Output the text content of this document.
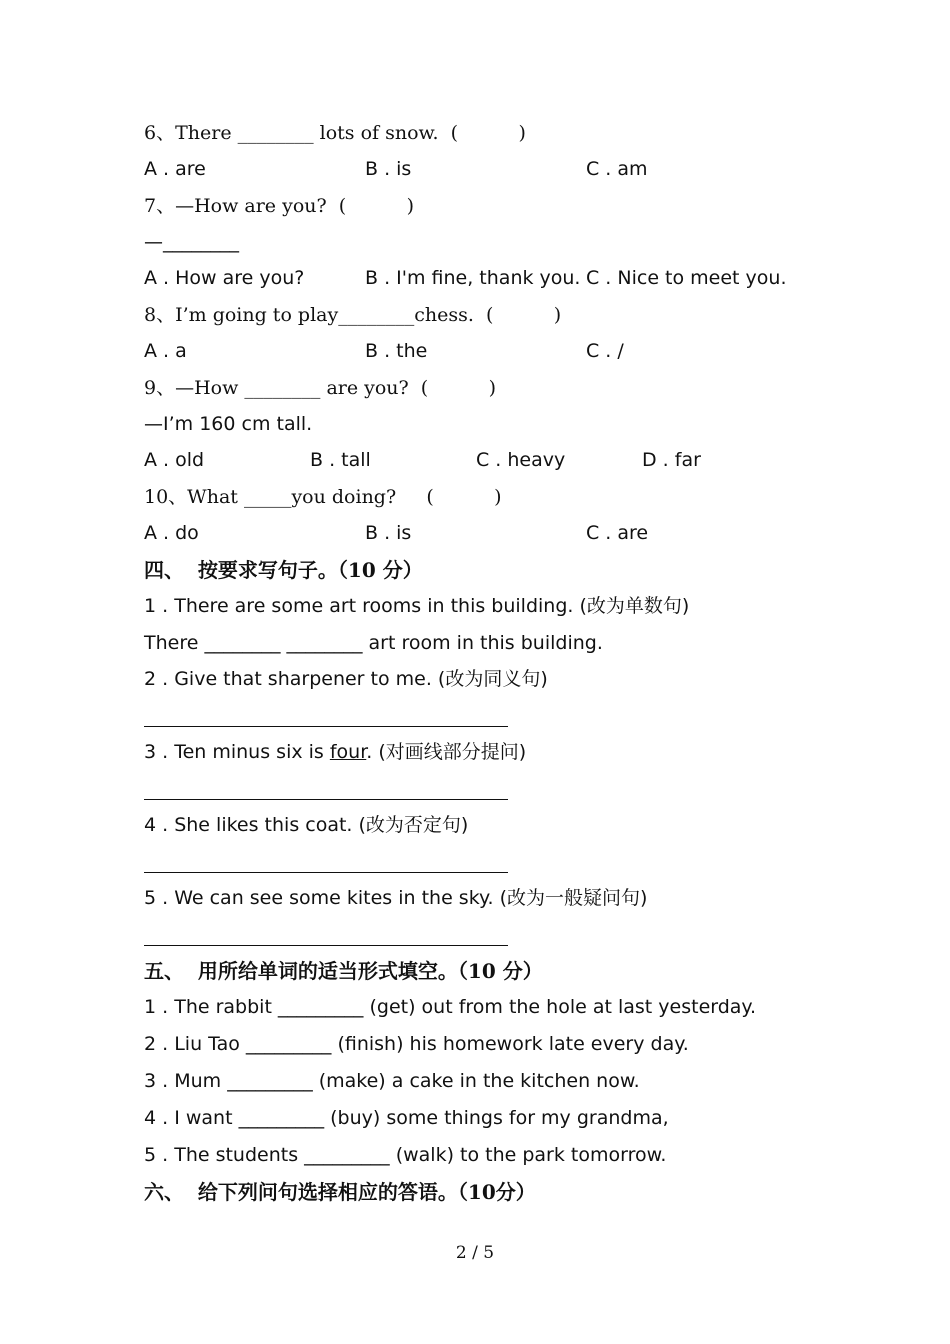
6、There ________ lots of snow.  (          )
A . are	B . is	C . am
7、—How are you?  (          )
—________
A . How are you?	B . I'm fine, thank you. C . Nice to meet you.
8、I’m going to play________chess.  (          )
A . a	B . the	C . /
9、—How ________ are you?  (          )
—I’m 160 cm tall.
A . old	B . tall	C . heavy	D . far
10、What _____you doing?     (          )
A . do	B . is	C . are
四、  按要求写句子。（10 分）
1 . There are some art rooms in this building. (改为单数句)
There ________ ________ art room in this building.
2 . Give that sharpener to me. (改为同义句)
3 . Ten minus six is four. (对画线部分提问)
4 . She likes this coat. (改为否定句)
5 . We can see some kites in the sky. (改为一般疑问句)
五、  用所给单词的适当形式填空。（10 分）
1 . The rabbit _________ (get) out from the hole at last yesterday.
2 . Liu Tao _________ (finish) his homework late every day.
3 . Mum _________ (make) a cake in the kitchen now.
4 . I want _________ (buy) some things for my grandma,
5 . The students _________ (walk) to the park tomorrow.
六、  给下列问句选择相应的答语。（10分）
2 / 5
